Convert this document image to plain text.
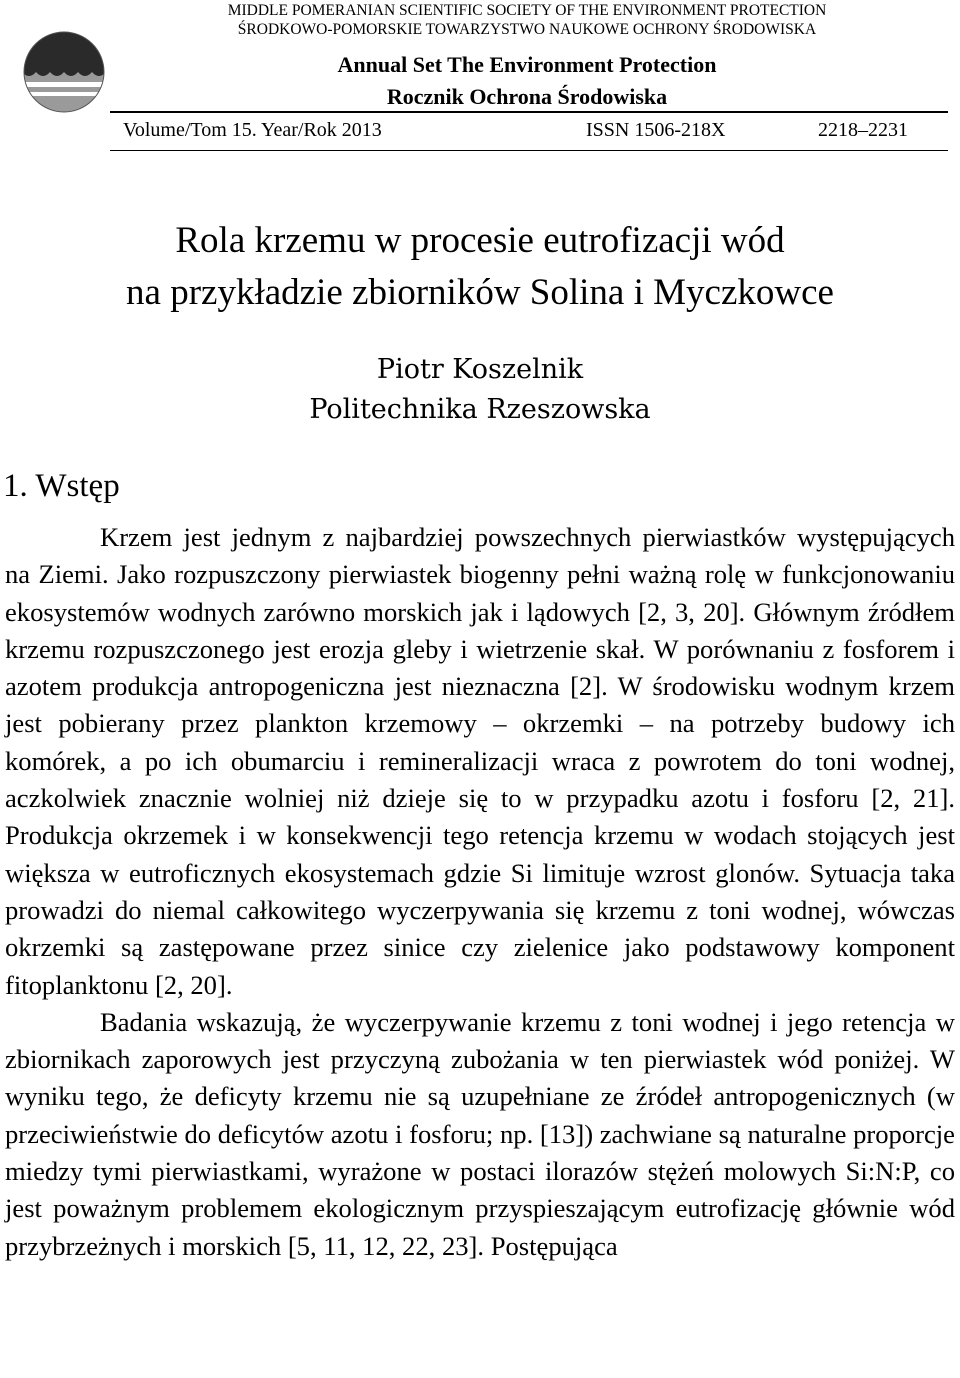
MIDDLE POMERANIAN SCIENTIFIC SOCIETY OF THE ENVIRONMENT PROTECTION
ŚRODKOWO-POMORSKIE TOWARZYSTWO NAUKOWE OCHRONY ŚRODOWISKA
Annual Set The Environment Protection
Rocznik Ochrona Środowiska
Volume/Tom 15. Year/Rok 2013	ISSN 1506-218X	2218–2231
Rola krzemu w procesie eutrofizacji wód
na przykładzie zbiorników Solina i Myczkowce
Piotr Koszelnik
Politechnika Rzeszowska
1. Wstęp

Krzem jest jednym z najbardziej powszechnych pierwiastków występujących na Ziemi. Jako rozpuszczony pierwiastek biogenny pełni ważną rolę w funkcjonowaniu ekosystemów wodnych zarówno morskich jak i lądowych [2, 3, 20]. Głównym źródłem krzemu rozpuszczonego jest erozja gleby i wietrzenie skał. W porównaniu z fosforem i azotem produkcja antropogeniczna jest nieznaczna [2]. W środowisku wodnym krzem jest pobierany przez plankton krzemowy – okrzemki – na potrzeby budowy ich komórek, a po ich obumarciu i remineralizacji wraca z powrotem do toni wodnej, aczkolwiek znacznie wolniej niż dzieje się to w przypadku azotu i fosforu [2, 21]. Produkcja okrzemek i w konsekwencji tego retencja krzemu w wodach stojących jest większa w eutroficznych ekosystemach gdzie Si limituje wzrost glonów. Sytuacja taka prowadzi do niemal całkowitego wyczerpywania się krzemu z toni wodnej, wówczas okrzemki są zastępowane przez sinice czy zielenice jako podstawowy komponent fitoplanktonu [2, 20].

Badania wskazują, że wyczerpywanie krzemu z toni wodnej i jego retencja w zbiornikach zaporowych jest przyczyną zubożania w ten pierwiastek wód poniżej. W wyniku tego, że deficyty krzemu nie są uzupełniane ze źródeł antropogenicznych (w przeciwieństwie do deficytów azotu i fosforu; np. [13]) zachwiane są naturalne proporcje miedzy tymi pierwiastkami, wyrażone w postaci ilorazów stężeń molowych Si:N:P, co jest poważnym problemem ekologicznym przyspieszającym eutrofizację głównie wód przybrzeżnych i morskich [5, 11, 12, 22, 23]. Postępująca
